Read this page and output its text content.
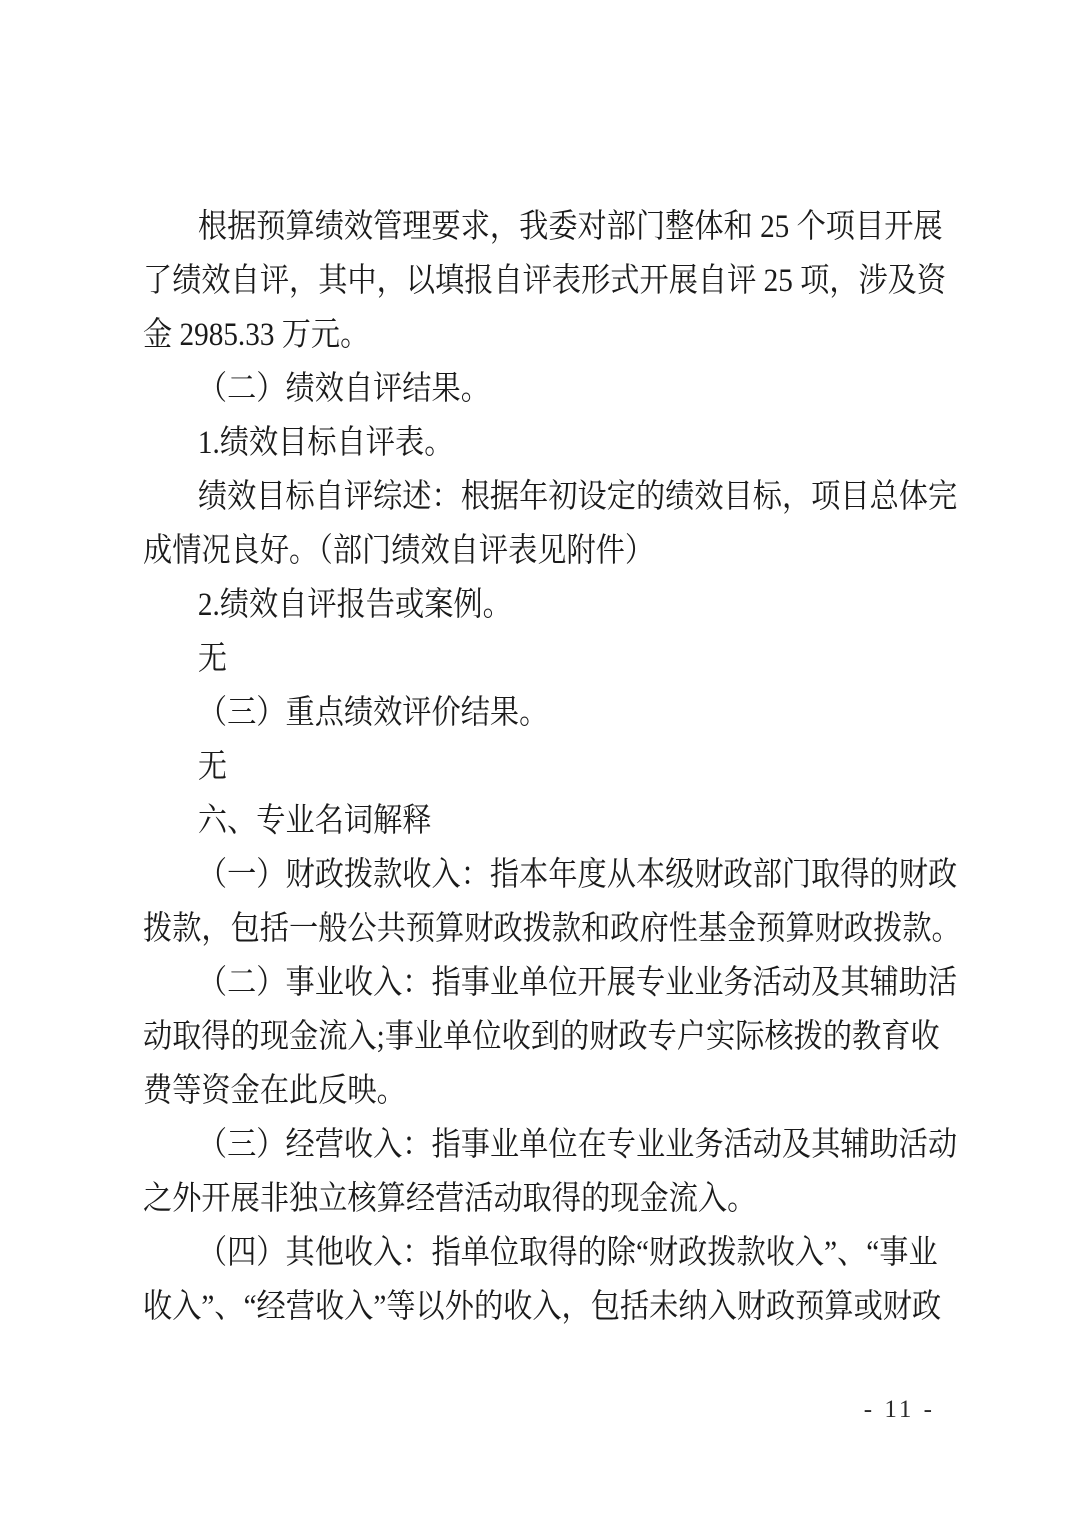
根据预算绩效管理要求，我委对部门整体和 25 个项目开展
了绩效自评，其中，以填报自评表形式开展自评 25 项，涉及资
金 2985.33 万元。
（二）绩效自评结果。
1.绩效目标自评表。
绩效目标自评综述：根据年初设定的绩效目标，项目总体完
成情况良好。（部门绩效自评表见附件）
2.绩效自评报告或案例。
无
（三）重点绩效评价结果。
无
六、专业名词解释
（一）财政拨款收入：指本年度从本级财政部门取得的财政
拨款，包括一般公共预算财政拨款和政府性基金预算财政拨款。
（二）事业收入：指事业单位开展专业业务活动及其辅助活
动取得的现金流入;事业单位收到的财政专户实际核拨的教育收
费等资金在此反映。
（三）经营收入：指事业单位在专业业务活动及其辅助活动
之外开展非独立核算经营活动取得的现金流入。
（四）其他收入：指单位取得的除“财政拨款收入”、“事业
收入”、“经营收入”等以外的收入，包括未纳入财政预算或财政
- 11 -
